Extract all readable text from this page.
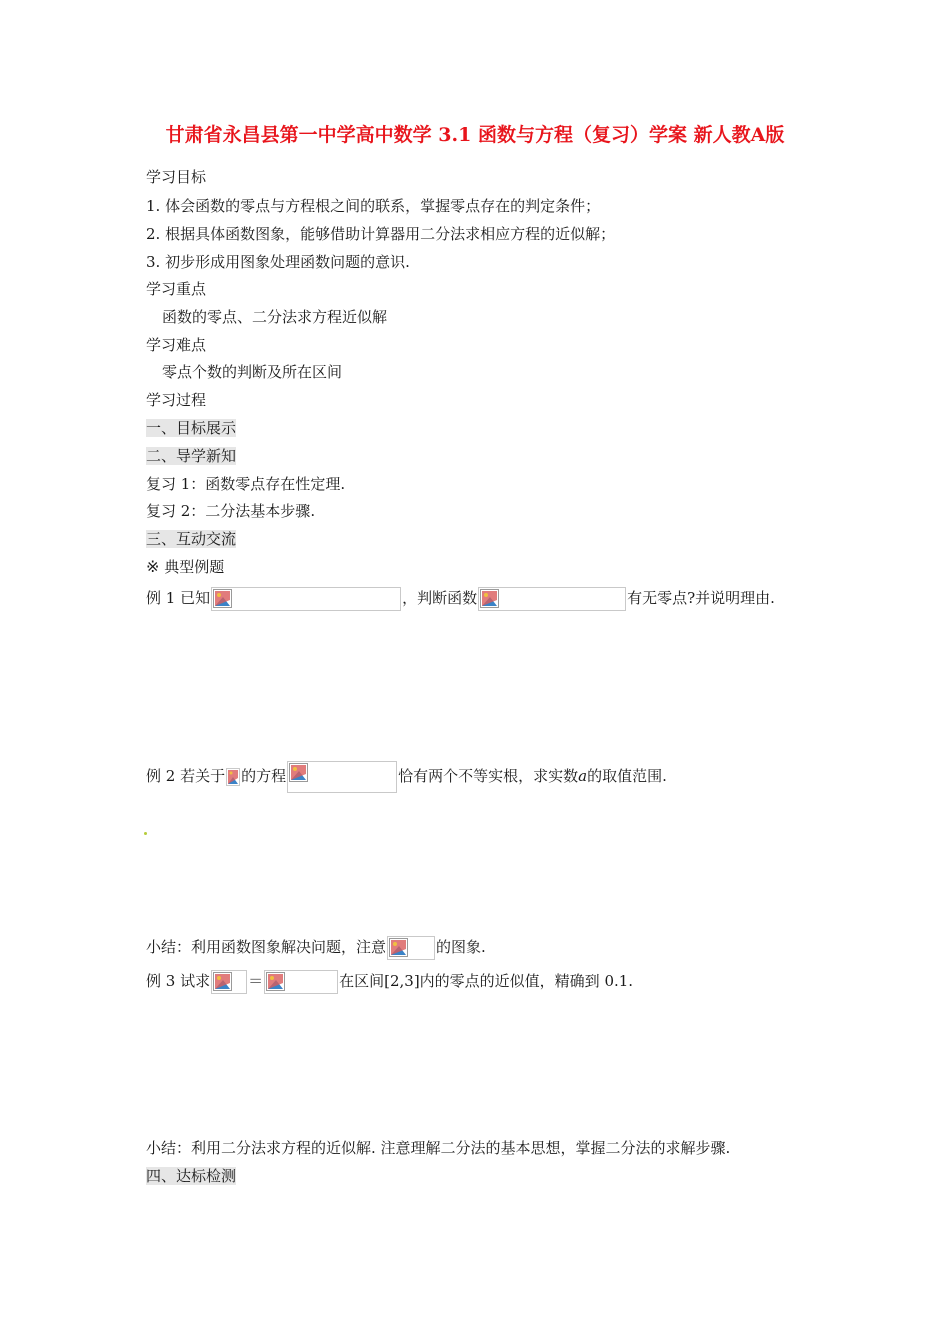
甘肃省永昌县第一中学高中数学 3.1 函数与方程（复习）学案 新人教A版
学习目标
1. 体会函数的零点与方程根之间的联系，掌握零点存在的判定条件；
2. 根据具体函数图象，能够借助计算器用二分法求相应方程的近似解；
3. 初步形成用图象处理函数问题的意识.
学习重点
函数的零点、二分法求方程近似解
学习难点
零点个数的判断及所在区间
学习过程
一、目标展示
二、导学新知
复习 1：函数零点存在性定理.
复习 2：二分法基本步骤.
三、互动交流
※ 典型例题
例 1 已知	，判断函数	有无零点?并说明理由.
例 2 若关于 的方程	恰有两个不等实根，求实数a的取值范围.
小结：利用函数图象解决问题，注意	的图象.
例 3 试求	＝	在区间[2,3]内的零点的近似值，精确到 0.1.
小结：利用二分法求方程的近似解. 注意理解二分法的基本思想，掌握二分法的求解步骤.
四、达标检测
